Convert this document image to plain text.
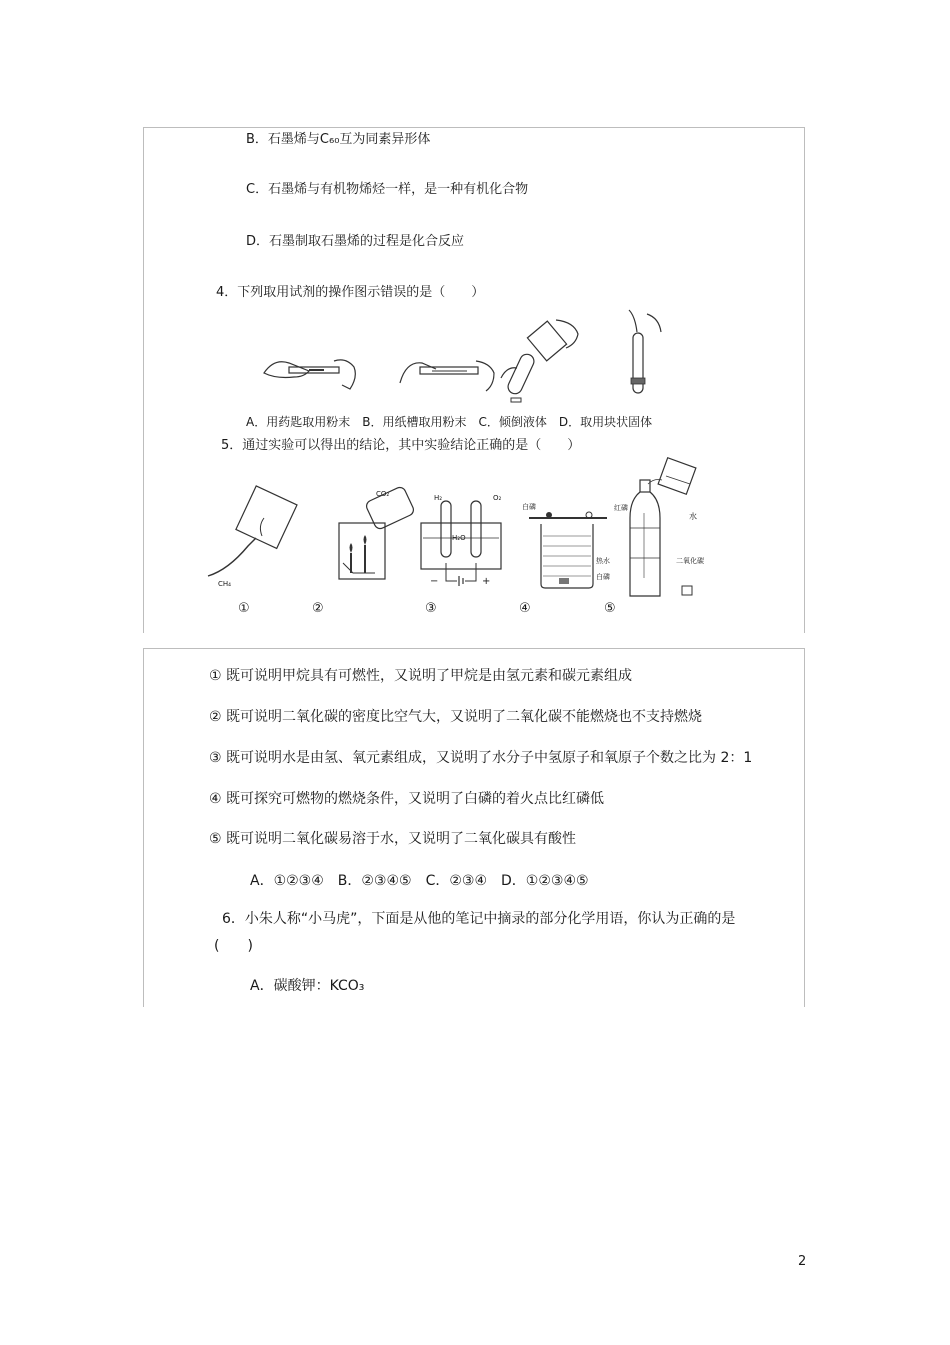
B．石墨烯与C₆₀互为同素异形体
C．石墨烯与有机物烯烃一样，是一种有机化合物
D．石墨制取石墨烯的过程是化合反应
4．下列取用试剂的操作图示错误的是（　　）
A．用药匙取用粉末　B．用纸槽取用粉末　C．倾倒液体　D．取用块状固体
5．通过实验可以得出的结论，其中实验结论正确的是（　　）
CH₄
CO₂	H₂	O₂
H₂O
−	+
白磷	红磷
热水
白磷
水
二氧化碳
①	②	③	④	⑤
① 既可说明甲烷具有可燃性，又说明了甲烷是由氢元素和碳元素组成
② 既可说明二氧化碳的密度比空气大，又说明了二氧化碳不能燃烧也不支持燃烧
③ 既可说明水是由氢、氧元素组成，又说明了水分子中氢原子和氧原子个数之比为 2：1
④ 既可探究可燃物的燃烧条件，又说明了白磷的着火点比红磷低
⑤ 既可说明二氧化碳易溶于水，又说明了二氧化碳具有酸性
A．①②③④　B．②③④⑤　C．②③④　D．①②③④⑤
6．小朱人称“小马虎”，下面是从他的笔记中摘录的部分化学用语，你认为正确的是
(　　)
A．碳酸钾：KCO₃
2
